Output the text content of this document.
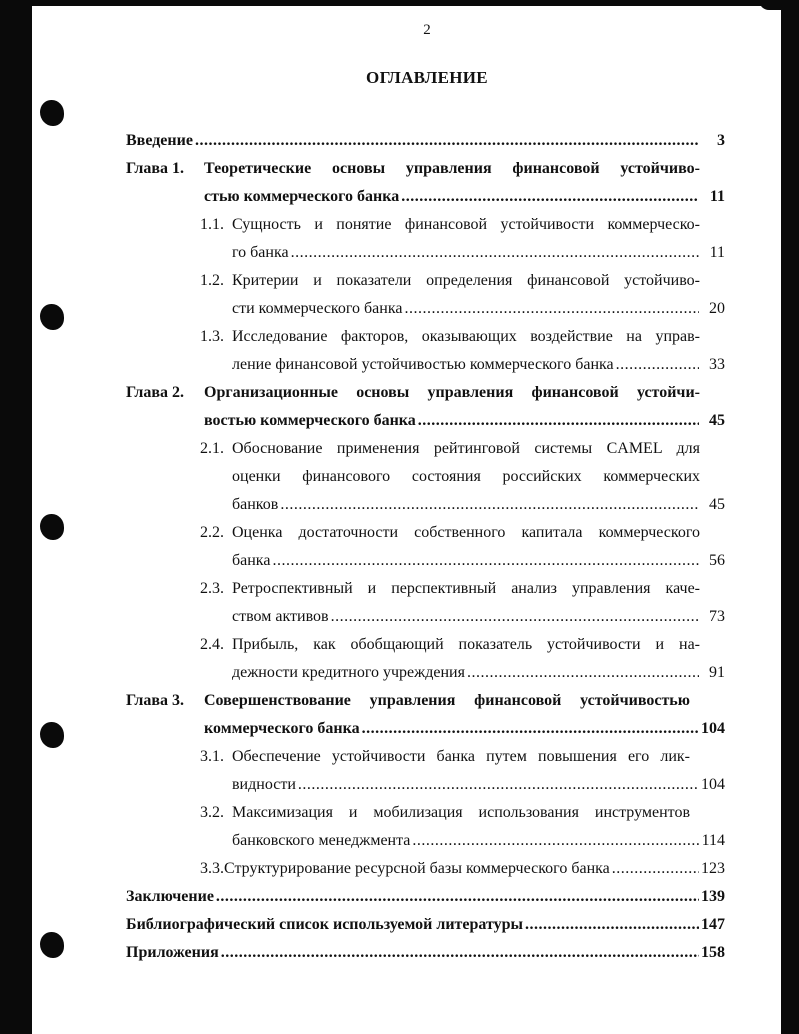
2
ОГЛАВЛЕНИЕ
Введение .....	3
Глава 1.	Теоретические основы управления финансовой устойчиво-
стью коммерческого банка .....	11
1.1. Сущность и понятие финансовой устойчивости коммерческо-
го банка .....	11
1.2. Критерии и показатели определения финансовой устойчиво-
сти коммерческого банка .....	20
1.3. Исследование факторов, оказывающих воздействие на управ-
ление финансовой устойчивостью коммерческого банка .....	33
Глава 2.	Организационные основы управления финансовой устойчи-
востью коммерческого банка .....	45
2.1. Обоснование применения рейтинговой системы CAMEL для
оценки финансового состояния российских коммерческих
банков .....	45
2.2. Оценка достаточности собственного капитала коммерческого
банка .....	56
2.3. Ретроспективный и перспективный анализ управления каче-
ством активов .....	73
2.4. Прибыль, как обобщающий показатель устойчивости и на-
дежности кредитного учреждения .....	91
Глава 3.	Совершенствование управления финансовой устойчивостью
коммерческого банка .....	104
3.1. Обеспечение устойчивости банка путем повышения его лик-
видности .....	104
3.2. Максимизация и мобилизация использования инструментов
банковского менеджмента .....	114
3.3. Структурирование ресурсной базы коммерческого банка .....	123
Заключение .....	139
Библиографический список используемой литературы .....	147
Приложения .....	158
